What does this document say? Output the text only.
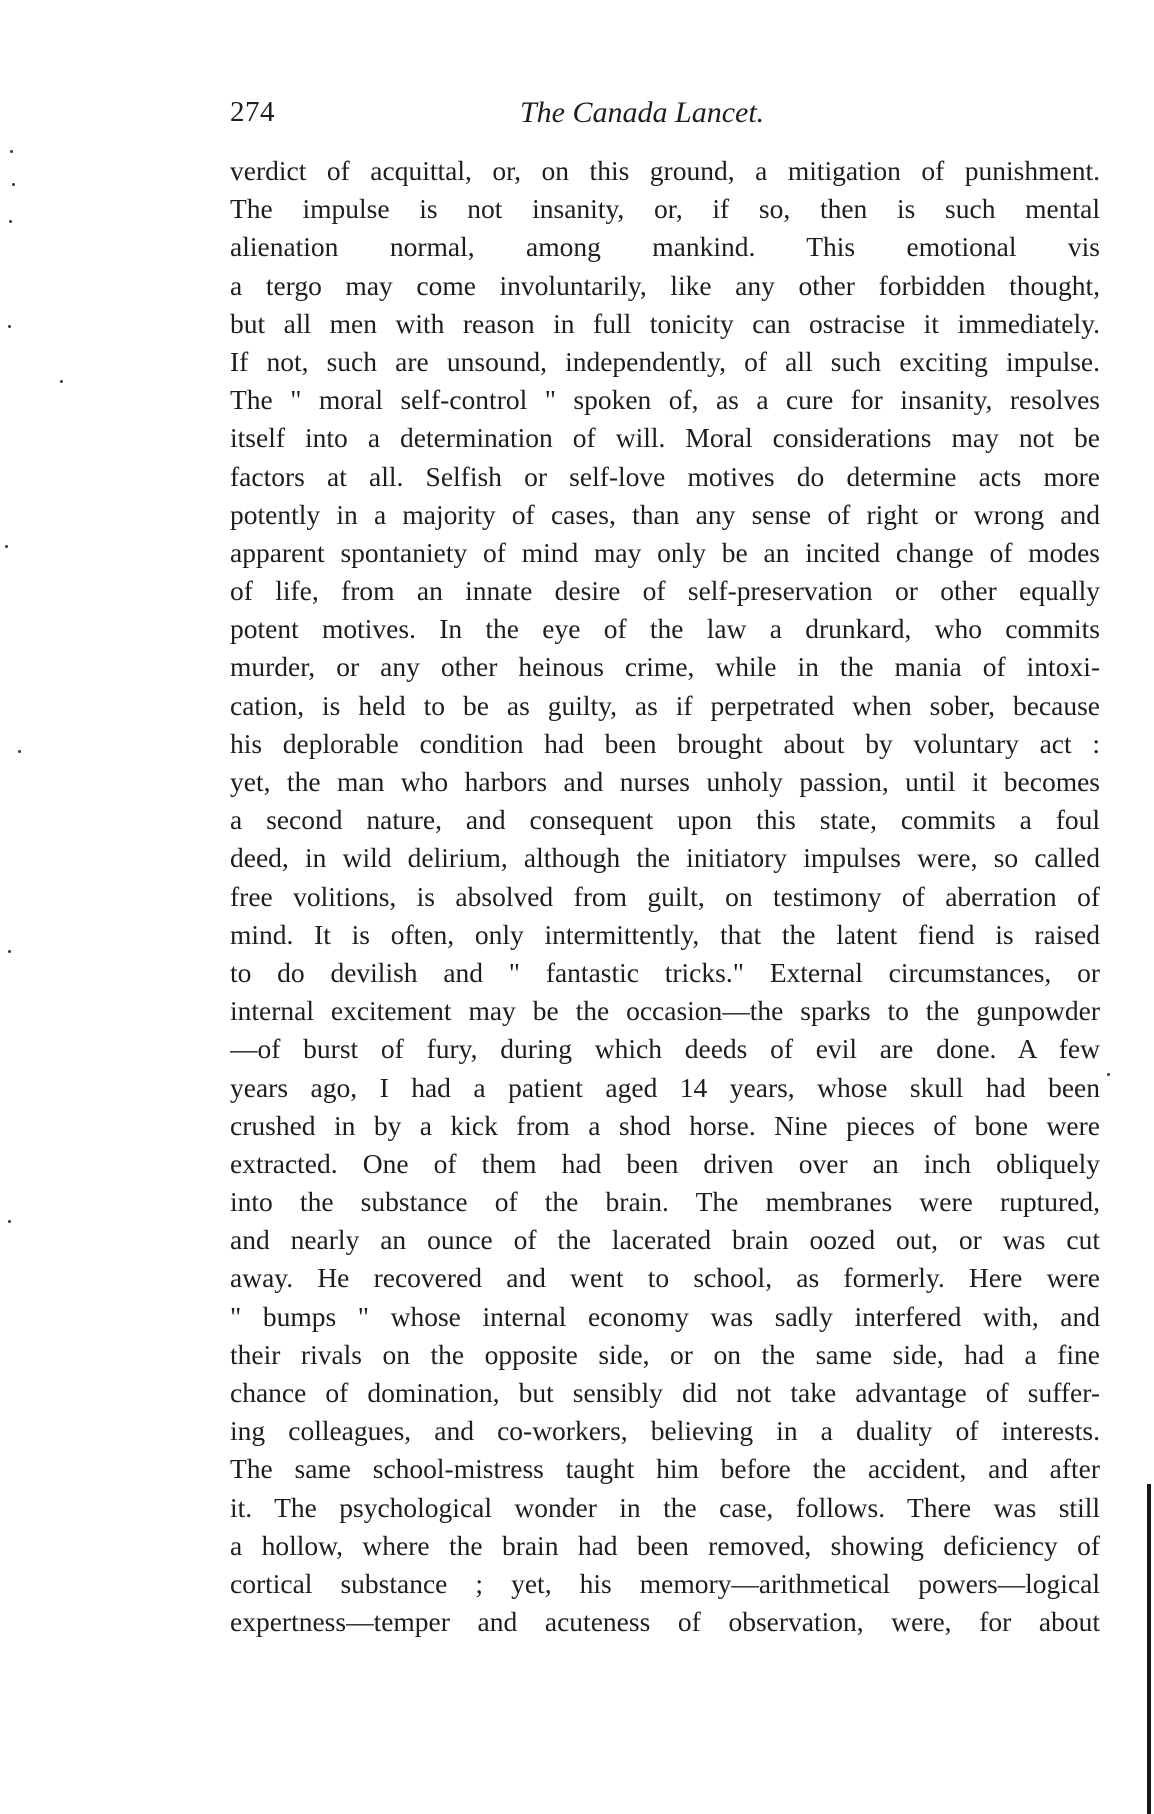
274	The Canada Lancet.
verdict of acquittal, or, on this ground, a mitigation of punishment.
The impulse is not insanity, or, if so, then is such mental
alienation normal, among mankind. This emotional vis
a tergo may come involuntarily, like any other forbidden thought,
but all men with reason in full tonicity can ostracise it immediately.
If not, such are unsound, independently, of all such exciting impulse.
The " moral self-control " spoken of, as a cure for insanity, resolves
itself into a determination of will. Moral considerations may not be
factors at all. Selfish or self-love motives do determine acts more
potently in a majority of cases, than any sense of right or wrong and
apparent spontaniety of mind may only be an incited change of modes
of life, from an innate desire of self-preservation or other equally
potent motives. In the eye of the law a drunkard, who commits
murder, or any other heinous crime, while in the mania of intoxi-
cation, is held to be as guilty, as if perpetrated when sober, because
his deplorable condition had been brought about by voluntary act :
yet, the man who harbors and nurses unholy passion, until it becomes
a second nature, and consequent upon this state, commits a foul
deed, in wild delirium, although the initiatory impulses were, so called
free volitions, is absolved from guilt, on testimony of aberration of
mind. It is often, only intermittently, that the latent fiend is raised
to do devilish and " fantastic tricks." External circumstances, or
internal excitement may be the occasion—the sparks to the gunpowder
—of burst of fury, during which deeds of evil are done. A few
years ago, I had a patient aged 14 years, whose skull had been
crushed in by a kick from a shod horse. Nine pieces of bone were
extracted. One of them had been driven over an inch obliquely
into the substance of the brain. The membranes were ruptured,
and nearly an ounce of the lacerated brain oozed out, or was cut
away. He recovered and went to school, as formerly. Here were
" bumps " whose internal economy was sadly interfered with, and
their rivals on the opposite side, or on the same side, had a fine
chance of domination, but sensibly did not take advantage of suffer-
ing colleagues, and co-workers, believing in a duality of interests.
The same school-mistress taught him before the accident, and after
it. The psychological wonder in the case, follows. There was still
a hollow, where the brain had been removed, showing deficiency of
cortical substance ; yet, his memory—arithmetical powers—logical
expertness—temper and acuteness of observation, were, for about
